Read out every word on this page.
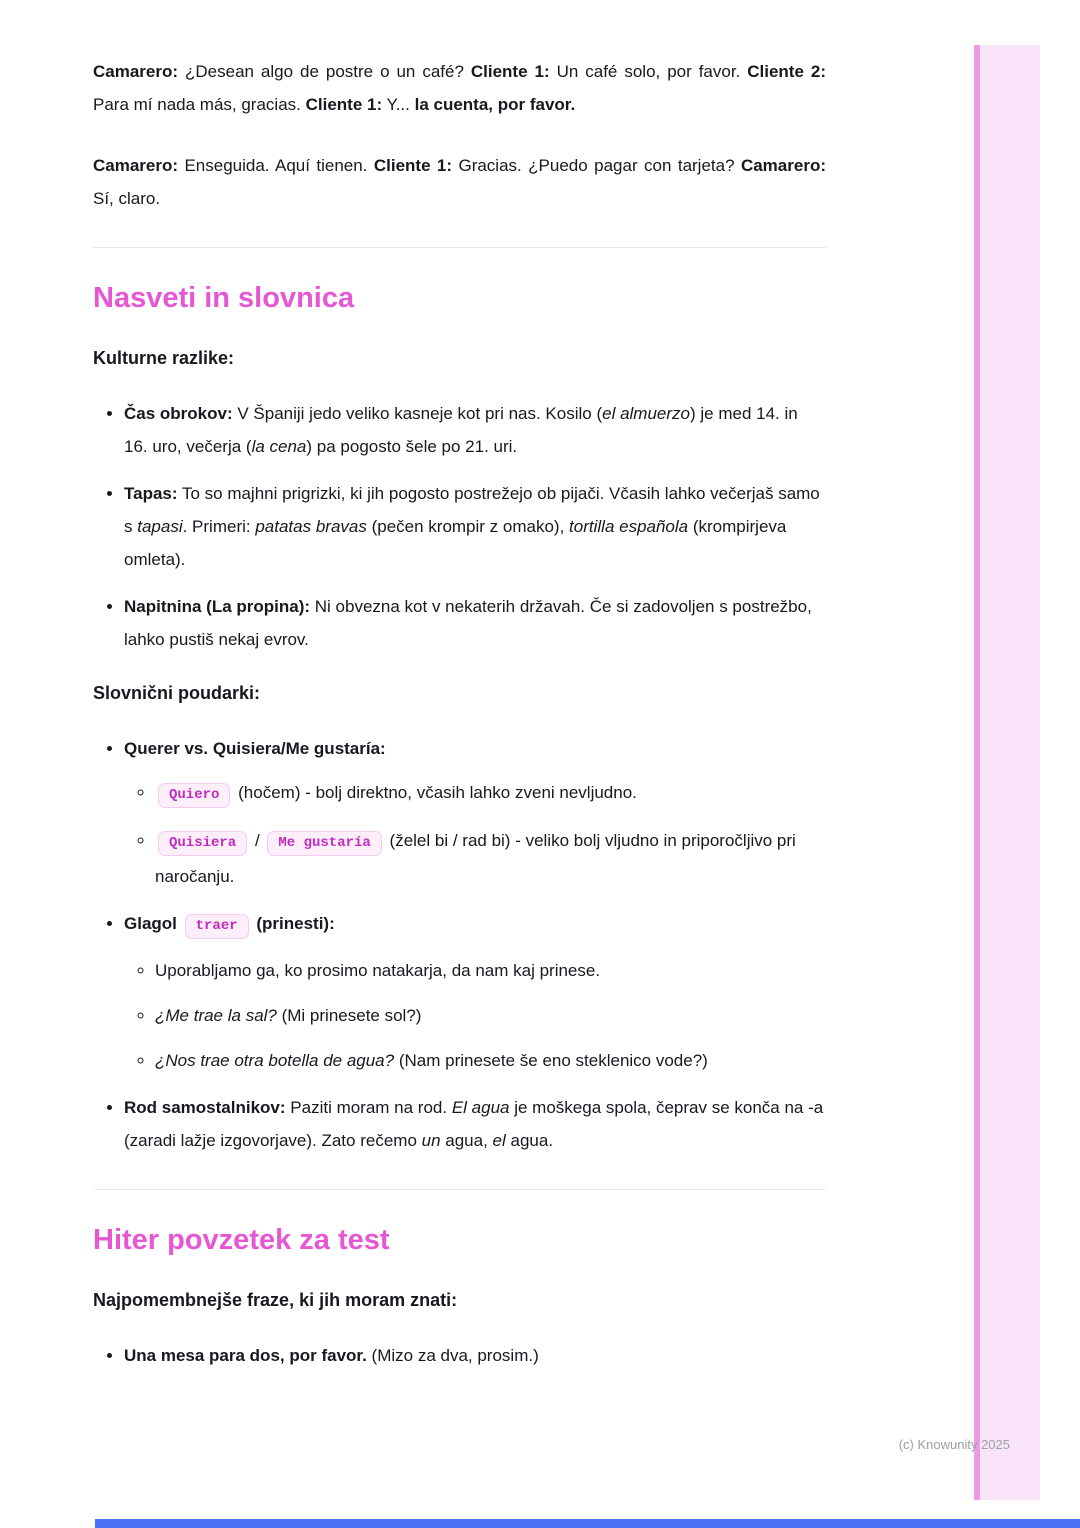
(c) Knowunity 2025

Camarero: ¿Desean algo de postre o un café? Cliente 1: Un café solo, por favor. Cliente 2: Para mí nada más, gracias. Cliente 1: Y... la cuenta, por favor.

Camarero: Enseguida. Aquí tienen. Cliente 1: Gracias. ¿Puedo pagar con tarjeta? Camarero: Sí, claro.

Nasveti in slovnica
Kulturne razlike:
• Čas obrokov: V Španiji jedo veliko kasneje kot pri nas. Kosilo (el almuerzo) je med 14. in 16. uro, večerja (la cena) pa pogosto šele po 21. uri.
• Tapas: To so majhni prigrizki, ki jih pogosto postrežejo ob pijači. Včasih lahko večerjaš samo s tapasi. Primeri: patatas bravas (pečen krompir z omako), tortilla española (krompirjeva omleta).
• Napitnina (La propina): Ni obvezna kot v nekaterih državah. Če si zadovoljen s postrežbo, lahko pustiš nekaj evrov.
Slovnični poudarki:
• Querer vs. Quisiera/Me gustaría:
◦ Quiero (hočem) - bolj direktno, včasih lahko zveni nevljudno.
◦ Quisiera / Me gustaría (želel bi / rad bi) - veliko bolj vljudno in priporočljivo pri naročanju.
• Glagol traer (prinesti):
◦ Uporabljamo ga, ko prosimo natakarja, da nam kaj prinese.
◦ ¿Me trae la sal? (Mi prinesete sol?)
◦ ¿Nos trae otra botella de agua? (Nam prinesete še eno steklenico vode?)
• Rod samostalnikov: Paziti moram na rod. El agua je moškega spola, čeprav se konča na -a (zaradi lažje izgovorjave). Zato rečemo un agua, el agua.
Hiter povzetek za test
Najpomembnejše fraze, ki jih moram znati:
• Una mesa para dos, por favor. (Mizo za dva, prosim.)
